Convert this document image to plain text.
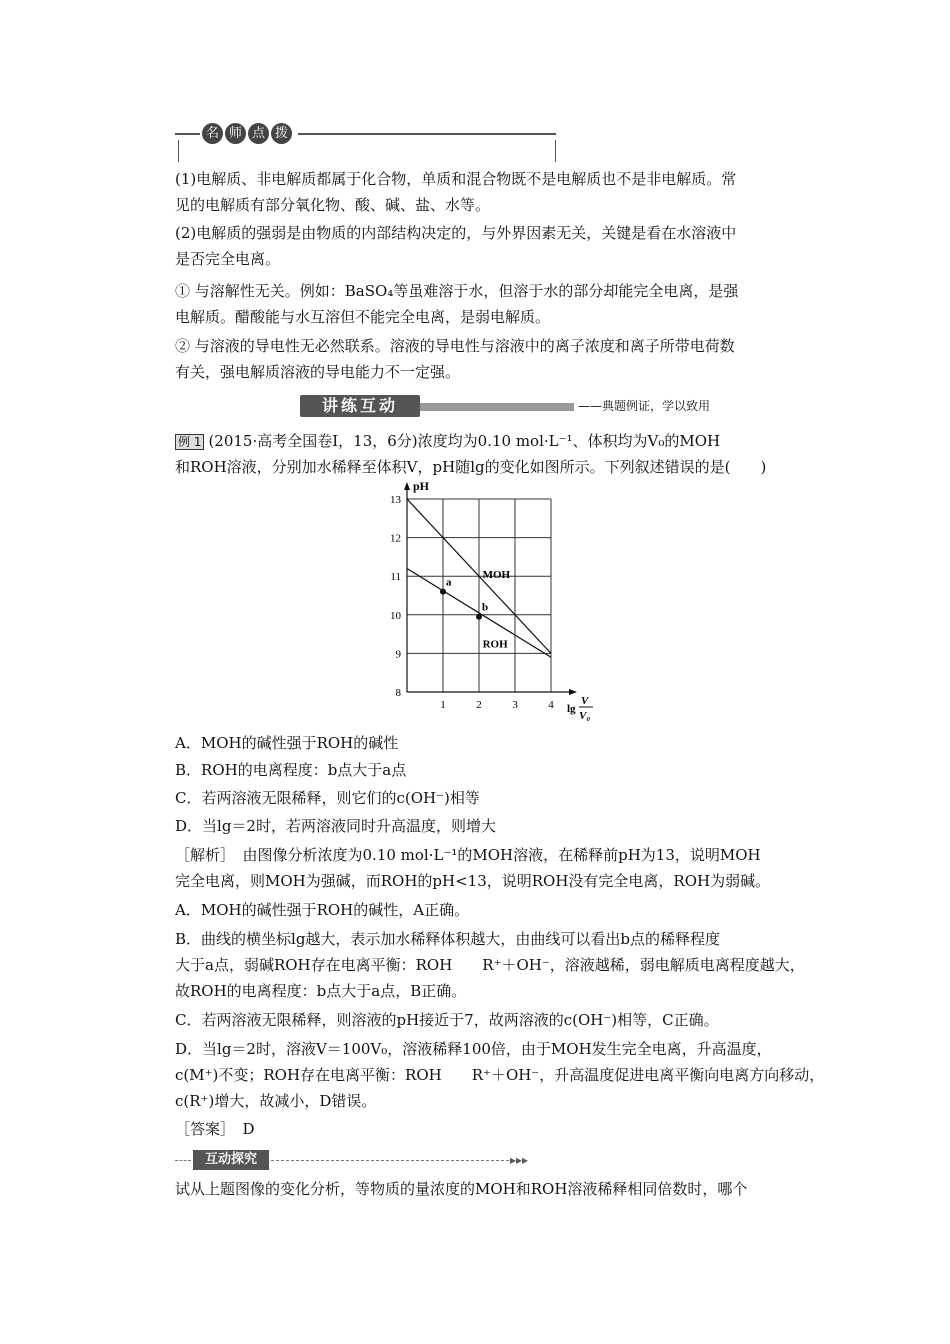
名 师 点 拨
(1)电解质、非电解质都属于化合物，单质和混合物既不是电解质也不是非电解质。常
见的电解质有部分氧化物、酸、碱、盐、水等。
(2)电解质的强弱是由物质的内部结构决定的，与外界因素无关，关键是看在水溶液中
是否完全电离。
① 与溶解性无关。例如：BaSO₄等虽难溶于水，但溶于水的部分却能完全电离，是强
电解质。醋酸能与水互溶但不能完全电离，是弱电解质。
② 与溶液的导电性无必然联系。溶液的导电性与溶液中的离子浓度和离子所带电荷数
有关，强电解质溶液的导电能力不一定强。
讲练互动	——典题例证，学以致用
例 1 (2015·高考全国卷Ⅰ，13，6分)浓度均为0.10 mol·L⁻¹、体积均为V₀的MOH
和ROH溶液，分别加水稀释至体积V，pH随lg的变化如图所示。下列叙述错误的是(　　)
pH
13
12
11
10
9
8
1	2	3	4 lg
V
V₀
MOH
ROH
a
b
A．MOH的碱性强于ROH的碱性
B．ROH的电离程度：b点大于a点
C．若两溶液无限稀释，则它们的c(OH⁻)相等
D．当lg＝2时，若两溶液同时升高温度，则增大
［解析］　由图像分析浓度为0.10 mol·L⁻¹的MOH溶液，在稀释前pH为13，说明MOH
完全电离，则MOH为强碱，而ROH的pH<13，说明ROH没有完全电离，ROH为弱碱。
A．MOH的碱性强于ROH的碱性，A正确。
B．曲线的横坐标lg越大，表示加水稀释体积越大，由曲线可以看出b点的稀释程度
大于a点，弱碱ROH存在电离平衡：ROH　　R⁺＋OH⁻，溶液越稀，弱电解质电离程度越大，
故ROH的电离程度：b点大于a点，B正确。
C．若两溶液无限稀释，则溶液的pH接近于7，故两溶液的c(OH⁻)相等，C正确。
D．当lg＝2时，溶液V＝100V₀，溶液稀释100倍，由于MOH发生完全电离，升高温度，
c(M⁺)不变；ROH存在电离平衡：ROH　　R⁺＋OH⁻，升高温度促进电离平衡向电离方向移动，
c(R⁺)增大，故减小，D错误。
［答案］　D
互动探究	▸▸▸
试从上题图像的变化分析，等物质的量浓度的MOH和ROH溶液稀释相同倍数时，哪个
